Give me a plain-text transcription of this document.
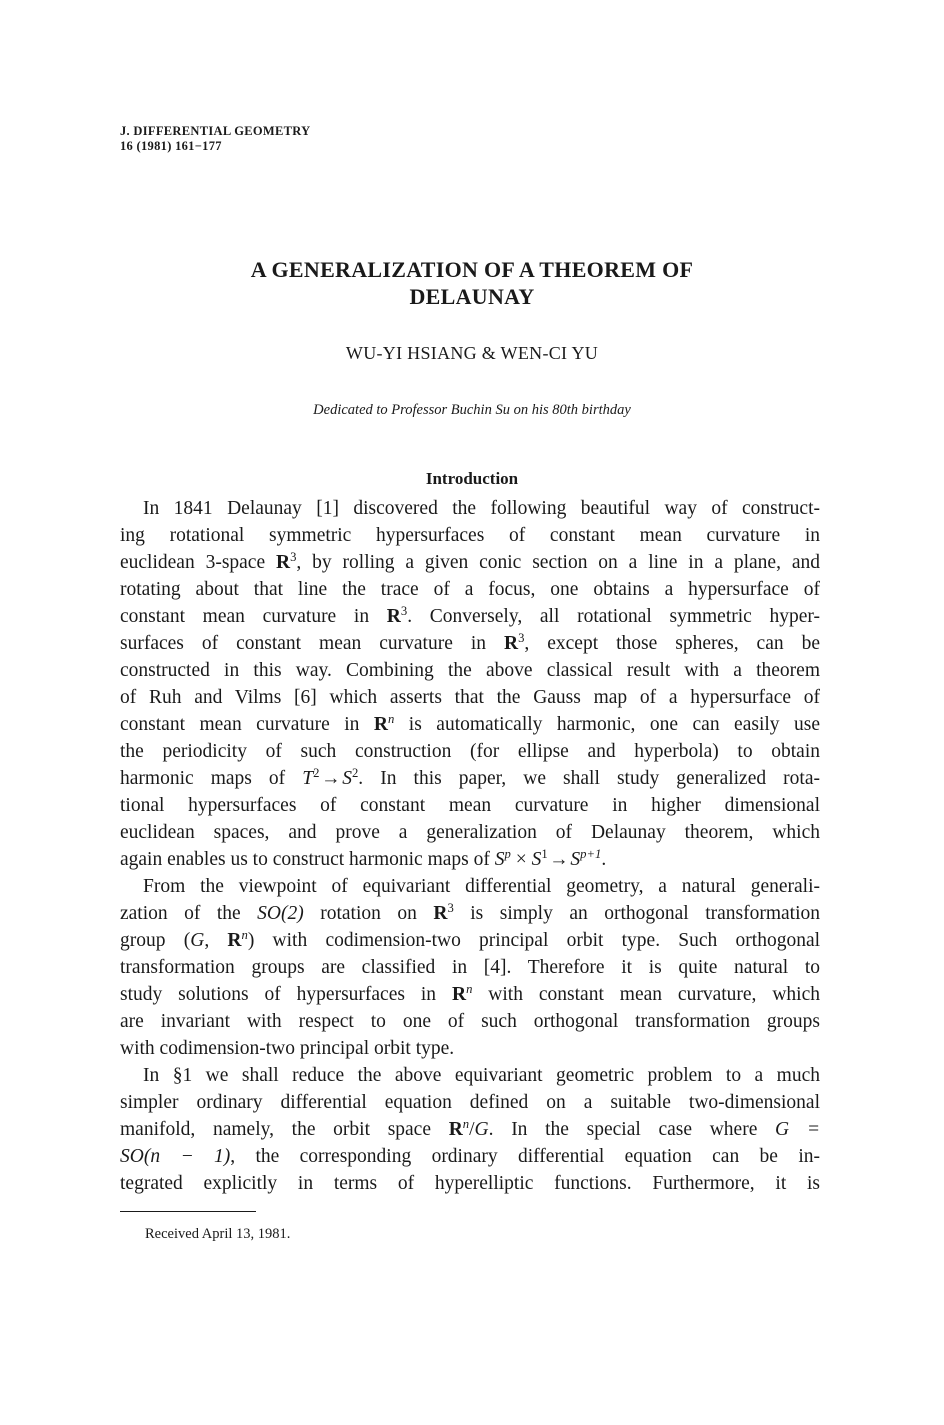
J. DIFFERENTIAL GEOMETRY
16 (1981) 161−177
A GENERALIZATION OF A THEOREM OF
DELAUNAY
WU-YI HSIANG & WEN-CI YU
Dedicated to Professor Buchin Su on his 80th birthday
Introduction
In 1841 Delaunay [1] discovered the following beautiful way of construct-
ing rotational symmetric hypersurfaces of constant mean curvature in
euclidean 3-space $R^3$, by rolling a given conic section on a line in a plane, and
rotating about that line the trace of a focus, one obtains a hypersurface of
constant mean curvature in $R^3$. Conversely, all rotational symmetric hyper-
surfaces of constant mean curvature in $R^3$, except those spheres, can be
constructed in this way. Combining the above classical result with a theorem
of Ruh and Vilms [6] which asserts that the Gauss map of a hypersurface of
constant mean curvature in $R^n$ is automatically harmonic, one can easily use
the periodicity of such construction (for ellipse and hyperbola) to obtain
harmonic maps of $T^2$ → $S^2$. In this paper, we shall study generalized rota-
tional hypersurfaces of constant mean curvature in higher dimensional
euclidean spaces, and prove a generalization of Delaunay theorem, which
again enables us to construct harmonic maps of $S^p$  ×  $S^1$ → $S^{p+1}$.
From the viewpoint of equivariant differential geometry, a natural generali-
zation of the SO(2) rotation on $R^3$ is simply an orthogonal transformation
group (G, $R^n$) with codimension-two principal orbit type. Such orthogonal
transformation groups are classified in [4]. Therefore it is quite natural to
study solutions of hypersurfaces in $R^n$ with constant mean curvature, which
are invariant with respect to one of such orthogonal transformation groups
with codimension-two principal orbit type.
In §1 we shall reduce the above equivariant geometric problem to a much
simpler ordinary differential equation defined on a suitable two-dimensional
manifold, namely, the orbit space $R^n/G$. In the special case where G =
SO(n − 1), the corresponding ordinary differential equation can be in-
tegrated explicitly in terms of hyperelliptic functions. Furthermore, it is
Received April 13, 1981.
